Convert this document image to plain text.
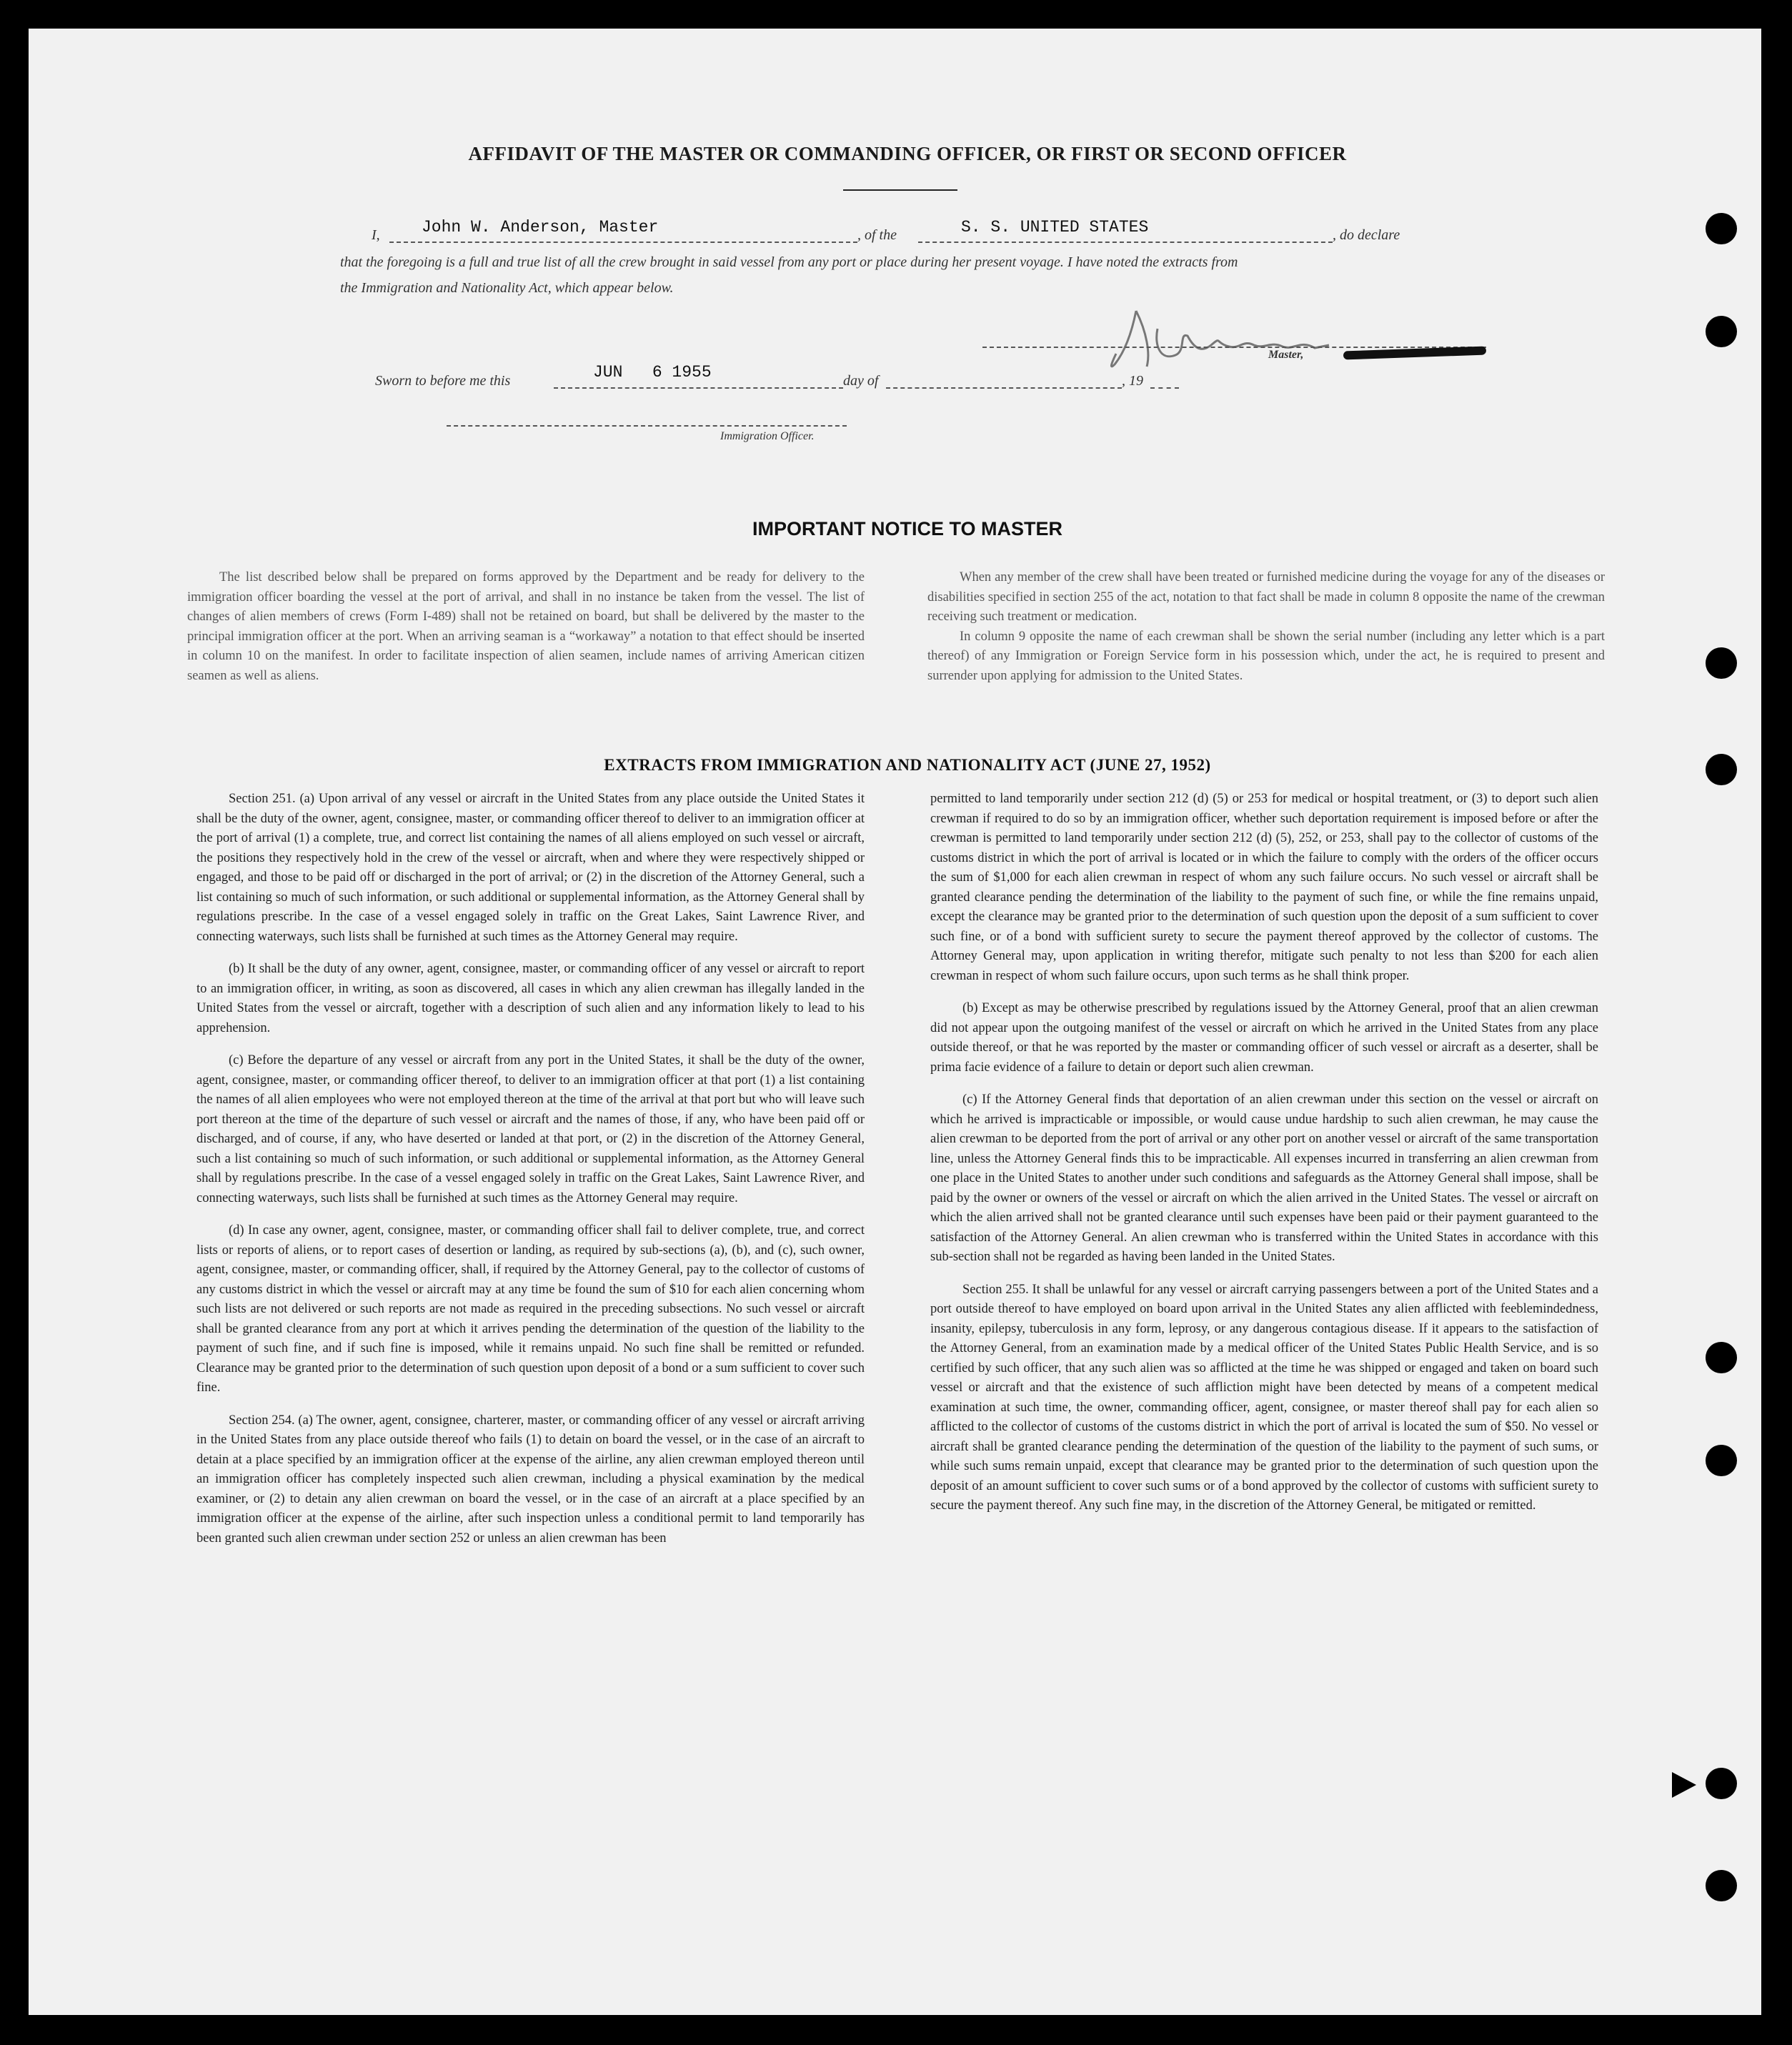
AFFIDAVIT OF THE MASTER OR COMMANDING OFFICER, OR FIRST OR SECOND OFFICER
I,	John W. Anderson, Master	, of the	S. S. UNITED STATES	, do declare
that the foregoing is a full and true list of all the crew brought in said vessel from any port or place during her present voyage. I have noted the extracts from
the Immigration and Nationality Act, which appear below.
Master,
Sworn to before me this	JUN   6 1955	day of	, 19
Immigration Officer.
IMPORTANT NOTICE TO MASTER

The list described below shall be prepared on forms approved by the Department and be ready for delivery to the immigration officer boarding the vessel at the port of arrival, and shall in no instance be taken from the vessel. The list of changes of alien members of crews (Form I-489) shall not be retained on board, but shall be delivered by the master to the principal immigration officer at the port. When an arriving seaman is a “workaway” a notation to that effect should be inserted in column 10 on the manifest. In order to facilitate inspection of alien seamen, include names of arriving American citizen seamen as well as aliens.

When any member of the crew shall have been treated or furnished medicine during the voyage for any of the diseases or disabilities specified in section 255 of the act, notation to that fact shall be made in column 8 opposite the name of the crewman receiving such treatment or medication.

In column 9 opposite the name of each crewman shall be shown the serial number (including any letter which is a part thereof) of any Immigration or Foreign Service form in his possession which, under the act, he is required to present and surrender upon applying for admission to the United States.

EXTRACTS FROM IMMIGRATION AND NATIONALITY ACT (JUNE 27, 1952)

Section 251. (a) Upon arrival of any vessel or aircraft in the United States from any place outside the United States it shall be the duty of the owner, agent, consignee, master, or commanding officer thereof to deliver to an immigration officer at the port of arrival (1) a complete, true, and correct list containing the names of all aliens employed on such vessel or aircraft, the positions they respectively hold in the crew of the vessel or aircraft, when and where they were respectively shipped or engaged, and those to be paid off or discharged in the port of arrival; or (2) in the discretion of the Attorney General, such a list containing so much of such information, or such additional or supplemental information, as the Attorney General shall by regulations prescribe. In the case of a vessel engaged solely in traffic on the Great Lakes, Saint Lawrence River, and connecting waterways, such lists shall be furnished at such times as the Attorney General may require.

(b) It shall be the duty of any owner, agent, consignee, master, or commanding officer of any vessel or aircraft to report to an immigration officer, in writing, as soon as discovered, all cases in which any alien crewman has illegally landed in the United States from the vessel or aircraft, together with a description of such alien and any information likely to lead to his apprehension.

(c) Before the departure of any vessel or aircraft from any port in the United States, it shall be the duty of the owner, agent, consignee, master, or commanding officer thereof, to deliver to an immigration officer at that port (1) a list containing the names of all alien employees who were not employed thereon at the time of the arrival at that port but who will leave such port thereon at the time of the departure of such vessel or aircraft and the names of those, if any, who have been paid off or discharged, and of course, if any, who have deserted or landed at that port, or (2) in the discretion of the Attorney General, such a list containing so much of such information, or such additional or supplemental information, as the Attorney General shall by regulations prescribe. In the case of a vessel engaged solely in traffic on the Great Lakes, Saint Lawrence River, and connecting waterways, such lists shall be furnished at such times as the Attorney General may require.

(d) In case any owner, agent, consignee, master, or commanding officer shall fail to deliver complete, true, and correct lists or reports of aliens, or to report cases of desertion or landing, as required by sub-sections (a), (b), and (c), such owner, agent, consignee, master, or commanding officer, shall, if required by the Attorney General, pay to the collector of customs of any customs district in which the vessel or aircraft may at any time be found the sum of $10 for each alien concerning whom such lists are not delivered or such reports are not made as required in the preceding subsections. No such vessel or aircraft shall be granted clearance from any port at which it arrives pending the determination of the question of the liability to the payment of such fine, and if such fine is imposed, while it remains unpaid. No such fine shall be remitted or refunded. Clearance may be granted prior to the determination of such question upon deposit of a bond or a sum sufficient to cover such fine.

Section 254. (a) The owner, agent, consignee, charterer, master, or commanding officer of any vessel or aircraft arriving in the United States from any place outside thereof who fails (1) to detain on board the vessel, or in the case of an aircraft to detain at a place specified by an immigration officer at the expense of the airline, any alien crewman employed thereon until an immigration officer has completely inspected such alien crewman, including a physical examination by the medical examiner, or (2) to detain any alien crewman on board the vessel, or in the case of an aircraft at a place specified by an immigration officer at the expense of the airline, after such inspection unless a conditional permit to land temporarily has been granted such alien crewman under section 252 or unless an alien crewman has been

permitted to land temporarily under section 212 (d) (5) or 253 for medical or hospital treatment, or (3) to deport such alien crewman if required to do so by an immigration officer, whether such deportation requirement is imposed before or after the crewman is permitted to land temporarily under section 212 (d) (5), 252, or 253, shall pay to the collector of customs of the customs district in which the port of arrival is located or in which the failure to comply with the orders of the officer occurs the sum of $1,000 for each alien crewman in respect of whom any such failure occurs. No such vessel or aircraft shall be granted clearance pending the determination of the liability to the payment of such fine, or while the fine remains unpaid, except the clearance may be granted prior to the determination of such question upon the deposit of a sum sufficient to cover such fine, or of a bond with sufficient surety to secure the payment thereof approved by the collector of customs. The Attorney General may, upon application in writing therefor, mitigate such penalty to not less than $200 for each alien crewman in respect of whom such failure occurs, upon such terms as he shall think proper.

(b) Except as may be otherwise prescribed by regulations issued by the Attorney General, proof that an alien crewman did not appear upon the outgoing manifest of the vessel or aircraft on which he arrived in the United States from any place outside thereof, or that he was reported by the master or commanding officer of such vessel or aircraft as a deserter, shall be prima facie evidence of a failure to detain or deport such alien crewman.

(c) If the Attorney General finds that deportation of an alien crewman under this section on the vessel or aircraft on which he arrived is impracticable or impossible, or would cause undue hardship to such alien crewman, he may cause the alien crewman to be deported from the port of arrival or any other port on another vessel or aircraft of the same transportation line, unless the Attorney General finds this to be impracticable. All expenses incurred in transferring an alien crewman from one place in the United States to another under such conditions and safeguards as the Attorney General shall impose, shall be paid by the owner or owners of the vessel or aircraft on which the alien arrived in the United States. The vessel or aircraft on which the alien arrived shall not be granted clearance until such expenses have been paid or their payment guaranteed to the satisfaction of the Attorney General. An alien crewman who is transferred within the United States in accordance with this sub-section shall not be regarded as having been landed in the United States.

Section 255. It shall be unlawful for any vessel or aircraft carrying passengers between a port of the United States and a port outside thereof to have employed on board upon arrival in the United States any alien afflicted with feeblemindedness, insanity, epilepsy, tuberculosis in any form, leprosy, or any dangerous contagious disease. If it appears to the satisfaction of the Attorney General, from an examination made by a medical officer of the United States Public Health Service, and is so certified by such officer, that any such alien was so afflicted at the time he was shipped or engaged and taken on board such vessel or aircraft and that the existence of such affliction might have been detected by means of a competent medical examination at such time, the owner, commanding officer, agent, consignee, or master thereof shall pay for each alien so afflicted to the collector of customs of the customs district in which the port of arrival is located the sum of $50. No vessel or aircraft shall be granted clearance pending the determination of the question of the liability to the payment of such sums, or while such sums remain unpaid, except that clearance may be granted prior to the determination of such question upon the deposit of an amount sufficient to cover such sums or of a bond approved by the collector of customs with sufficient surety to secure the payment thereof. Any such fine may, in the discretion of the Attorney General, be mitigated or remitted.
